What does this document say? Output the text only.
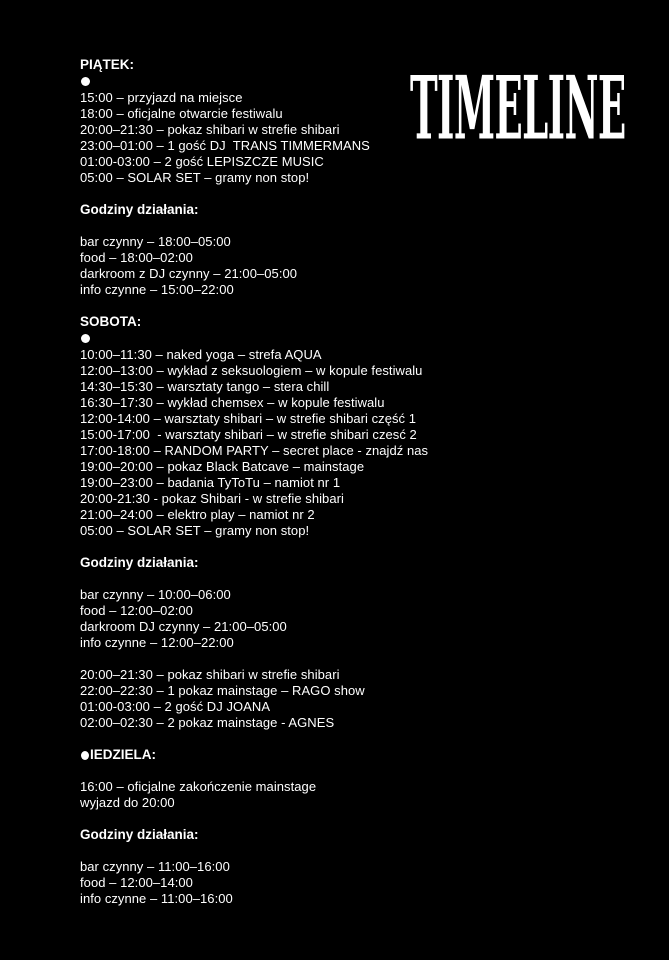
TIMELINE
PIĄTEK:
15:00 – przyjazd na miejsce
18:00 – oficjalne otwarcie festiwalu
20:00–21:30 – pokaz shibari w strefie shibari
23:00–01:00 – 1 gość DJ  TRANS TIMMERMANS
01:00-03:00 – 2 gość LEPISZCZE MUSIC
05:00 – SOLAR SET – gramy non stop!
Godziny działania:
bar czynny – 18:00–05:00
food – 18:00–02:00
darkroom z DJ czynny – 21:00–05:00
info czynne – 15:00–22:00
SOBOTA:
10:00–11:30 – naked yoga – strefa AQUA
12:00–13:00 – wykład z seksuologiem – w kopule festiwalu
14:30–15:30 – warsztaty tango – stera chill
16:30–17:30 – wykład chemsex – w kopule festiwalu
12:00-14:00 – warsztaty shibari – w strefie shibari część 1
15:00-17:00  - warsztaty shibari – w strefie shibari czesć 2
17:00-18:00 – RANDOM PARTY – secret place - znajdź nas
19:00–20:00 – pokaz Black Batcave – mainstage
19:00–23:00 – badania TyToTu – namiot nr 1
20:00-21:30 - pokaz Shibari - w strefie shibari
21:00–24:00 – elektro play – namiot nr 2
05:00 – SOLAR SET – gramy non stop!
Godziny działania:
bar czynny – 10:00–06:00
food – 12:00–02:00
darkroom DJ czynny – 21:00–05:00
info czynne – 12:00–22:00
20:00–21:30 – pokaz shibari w strefie shibari
22:00–22:30 – 1 pokaz mainstage – RAGO show
01:00-03:00 – 2 gość DJ JOANA
02:00–02:30 – 2 pokaz mainstage - AGNES
IEDZIELA:
16:00 – oficjalne zakończenie mainstage
wyjazd do 20:00
Godziny działania:
bar czynny – 11:00–16:00
food – 12:00–14:00
info czynne – 11:00–16:00
